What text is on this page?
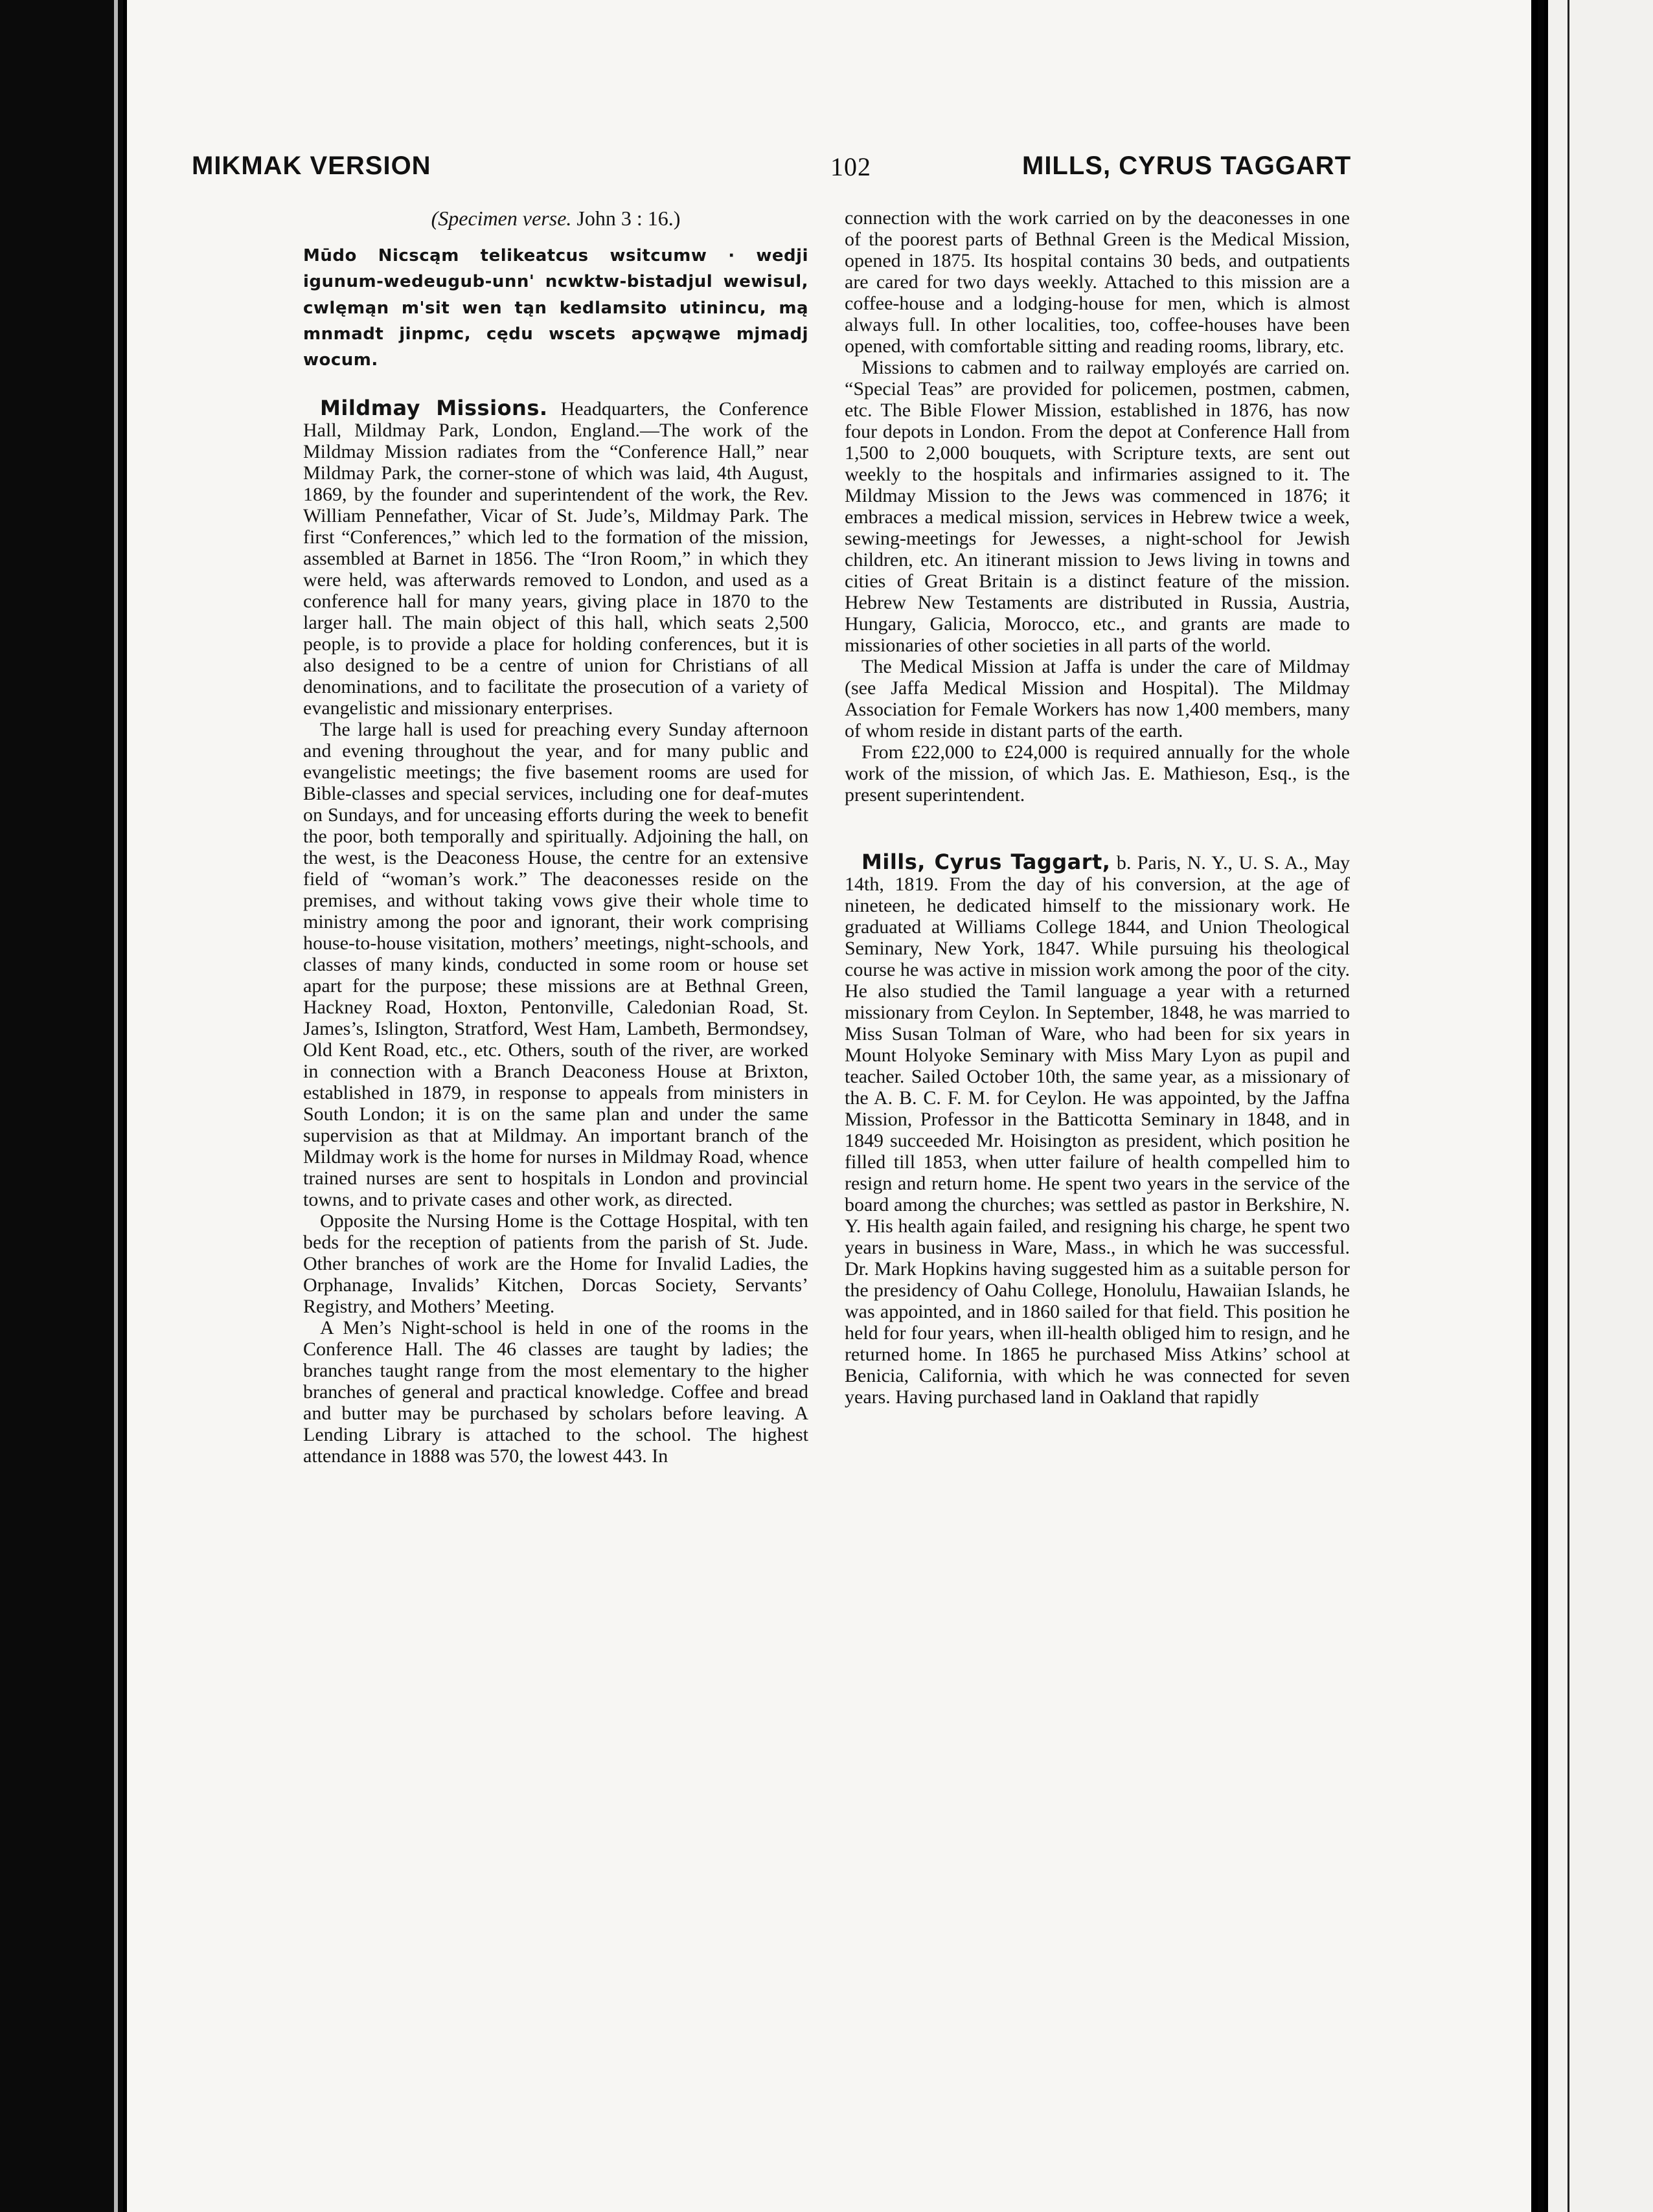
MIKMAK VERSION	102	MILLS, CYRUS TAGGART

(Specimen verse. John 3 : 16.)

Mūdo Nicscąm telikeatcus wsitcumw · wedji igunum-wedeugub-unn' ncwktw-bistadjul wewisul, cwlęmąn m'sit wen tąn kedlamsito utinincu, mą mnmadt jinpmc, cędu wscets apçwąwe mjmadj wocum.

Mildmay Missions. Headquarters, the Conference Hall, Mildmay Park, London, England.—The work of the Mildmay Mission radiates from the “Conference Hall,” near Mildmay Park, the corner-stone of which was laid, 4th August, 1869, by the founder and superintendent of the work, the Rev. William Pennefather, Vicar of St. Jude’s, Mildmay Park. The first “Conferences,” which led to the formation of the mission, assembled at Barnet in 1856. The “Iron Room,” in which they were held, was afterwards removed to London, and used as a conference hall for many years, giving place in 1870 to the larger hall. The main object of this hall, which seats 2,500 people, is to provide a place for holding conferences, but it is also designed to be a centre of union for Christians of all denominations, and to facilitate the prosecution of a variety of evangelistic and missionary enterprises.

The large hall is used for preaching every Sunday afternoon and evening throughout the year, and for many public and evangelistic meetings; the five basement rooms are used for Bible-classes and special services, including one for deaf-mutes on Sundays, and for unceasing efforts during the week to benefit the poor, both temporally and spiritually. Adjoining the hall, on the west, is the Deaconess House, the centre for an extensive field of “woman’s work.” The deaconesses reside on the premises, and without taking vows give their whole time to ministry among the poor and ignorant, their work comprising house-to-house visitation, mothers’ meetings, night-schools, and classes of many kinds, conducted in some room or house set apart for the purpose; these missions are at Bethnal Green, Hackney Road, Hoxton, Pentonville, Caledonian Road, St. James’s, Islington, Stratford, West Ham, Lambeth, Bermondsey, Old Kent Road, etc., etc. Others, south of the river, are worked in connection with a Branch Deaconess House at Brixton, established in 1879, in response to appeals from ministers in South London; it is on the same plan and under the same supervision as that at Mildmay. An important branch of the Mildmay work is the home for nurses in Mildmay Road, whence trained nurses are sent to hospitals in London and provincial towns, and to private cases and other work, as directed.

Opposite the Nursing Home is the Cottage Hospital, with ten beds for the reception of patients from the parish of St. Jude. Other branches of work are the Home for Invalid Ladies, the Orphanage, Invalids’ Kitchen, Dorcas Society, Servants’ Registry, and Mothers’ Meeting.

A Men’s Night-school is held in one of the rooms in the Conference Hall. The 46 classes are taught by ladies; the branches taught range from the most elementary to the higher branches of general and practical knowledge. Coffee and bread and butter may be purchased by scholars before leaving. A Lending Library is attached to the school. The highest attendance in 1888 was 570, the lowest 443. In

connection with the work carried on by the deaconesses in one of the poorest parts of Bethnal Green is the Medical Mission, opened in 1875. Its hospital contains 30 beds, and outpatients are cared for two days weekly. Attached to this mission are a coffee-house and a lodging-house for men, which is almost always full. In other localities, too, coffee-houses have been opened, with comfortable sitting and reading rooms, library, etc.

Missions to cabmen and to railway employés are carried on. “Special Teas” are provided for policemen, postmen, cabmen, etc. The Bible Flower Mission, established in 1876, has now four depots in London. From the depot at Conference Hall from 1,500 to 2,000 bouquets, with Scripture texts, are sent out weekly to the hospitals and infirmaries assigned to it. The Mildmay Mission to the Jews was commenced in 1876; it embraces a medical mission, services in Hebrew twice a week, sewing-meetings for Jewesses, a night-school for Jewish children, etc. An itinerant mission to Jews living in towns and cities of Great Britain is a distinct feature of the mission. Hebrew New Testaments are distributed in Russia, Austria, Hungary, Galicia, Morocco, etc., and grants are made to missionaries of other societies in all parts of the world.

The Medical Mission at Jaffa is under the care of Mildmay (see Jaffa Medical Mission and Hospital). The Mildmay Association for Female Workers has now 1,400 members, many of whom reside in distant parts of the earth.

From £22,000 to £24,000 is required annually for the whole work of the mission, of which Jas. E. Mathieson, Esq., is the present superintendent.

Mills, Cyrus Taggart, b. Paris, N. Y., U. S. A., May 14th, 1819. From the day of his conversion, at the age of nineteen, he dedicated himself to the missionary work. He graduated at Williams College 1844, and Union Theological Seminary, New York, 1847. While pursuing his theological course he was active in mission work among the poor of the city. He also studied the Tamil language a year with a returned missionary from Ceylon. In September, 1848, he was married to Miss Susan Tolman of Ware, who had been for six years in Mount Holyoke Seminary with Miss Mary Lyon as pupil and teacher. Sailed October 10th, the same year, as a missionary of the A. B. C. F. M. for Ceylon. He was appointed, by the Jaffna Mission, Professor in the Batticotta Seminary in 1848, and in 1849 succeeded Mr. Hoisington as president, which position he filled till 1853, when utter failure of health compelled him to resign and return home. He spent two years in the service of the board among the churches; was settled as pastor in Berkshire, N. Y. His health again failed, and resigning his charge, he spent two years in business in Ware, Mass., in which he was successful. Dr. Mark Hopkins having suggested him as a suitable person for the presidency of Oahu College, Honolulu, Hawaiian Islands, he was appointed, and in 1860 sailed for that field. This position he held for four years, when ill-health obliged him to resign, and he returned home. In 1865 he purchased Miss Atkins’ school at Benicia, California, with which he was connected for seven years. Having purchased land in Oakland that rapidly
